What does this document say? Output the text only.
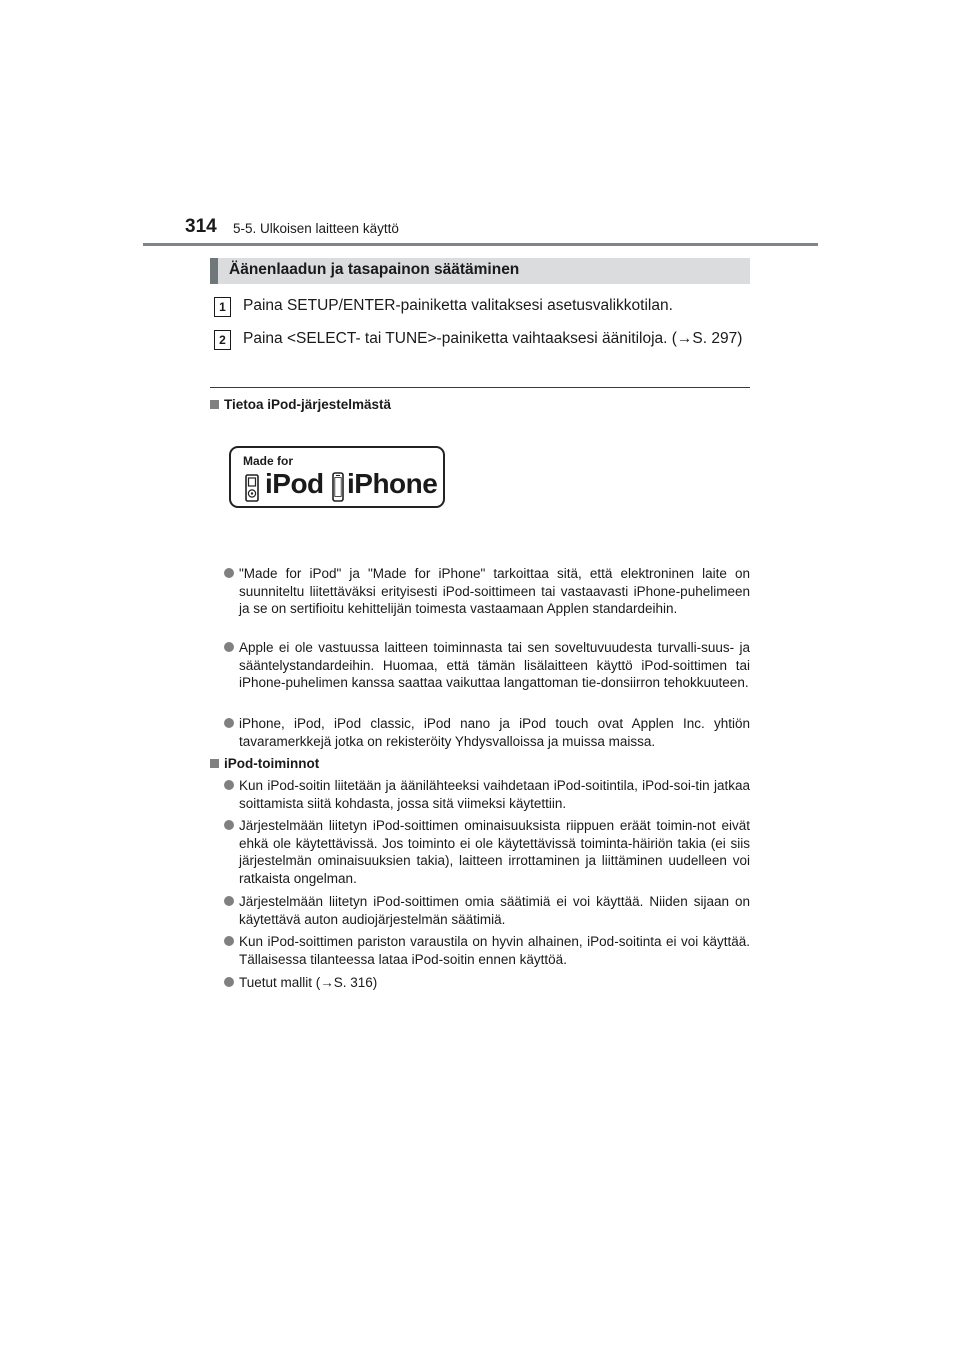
314 5-5. Ulkoisen laitteen käyttö
Äänenlaadun ja tasapainon säätäminen
1	Paina SETUP/ENTER-painiketta valitaksesi asetusvalikkotilan.
2	Paina <SELECT- tai TUNE>-painiketta vaihtaaksesi äänitiloja. (→S. 297)
Tietoa iPod-järjestelmästä
Made for
iPod iPhone
"Made for iPod" ja "Made for iPhone" tarkoittaa sitä, että elektroninen laite on suunniteltu liitettäväksi erityisesti iPod-soittimeen tai vastaavasti iPhone-puhelimeen ja se on sertifioitu kehittelijän toimesta vastaamaan Applen standardeihin.
Apple ei ole vastuussa laitteen toiminnasta tai sen soveltuvuudesta turvalli-suus- ja sääntelystandardeihin. Huomaa, että tämän lisälaitteen käyttö iPod-soittimen tai iPhone-puhelimen kanssa saattaa vaikuttaa langattoman tie-donsiirron tehokkuuteen.
iPhone, iPod, iPod classic, iPod nano ja iPod touch ovat Applen Inc. yhtiön tavaramerkkejä jotka on rekisteröity Yhdysvalloissa ja muissa maissa.
iPod-toiminnot
Kun iPod-soitin liitetään ja äänilähteeksi vaihdetaan iPod-soitintila, iPod-soi-tin jatkaa soittamista siitä kohdasta, jossa sitä viimeksi käytettiin.
Järjestelmään liitetyn iPod-soittimen ominaisuuksista riippuen eräät toimin-not eivät ehkä ole käytettävissä. Jos toiminto ei ole käytettävissä toiminta-häiriön takia (ei siis järjestelmän ominaisuuksien takia), laitteen irrottaminen ja liittäminen uudelleen voi ratkaista ongelman.
Järjestelmään liitetyn iPod-soittimen omia säätimiä ei voi käyttää. Niiden sijaan on käytettävä auton audiojärjestelmän säätimiä.
Kun iPod-soittimen pariston varaustila on hyvin alhainen, iPod-soitinta ei voi käyttää. Tällaisessa tilanteessa lataa iPod-soitin ennen käyttöä.
Tuetut mallit (→S. 316)
